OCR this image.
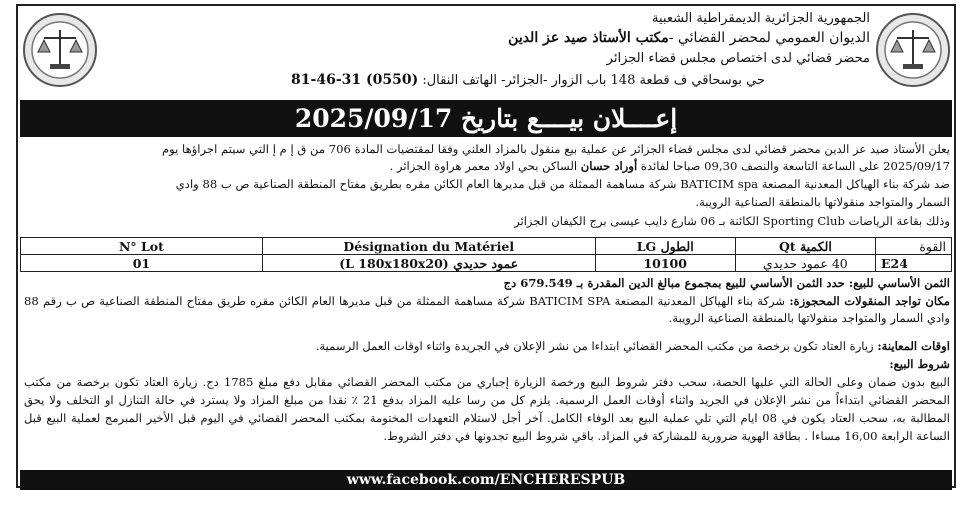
الجمهورية الجزائرية الديمقراطية الشعبية
الديوان العمومي لمحضر القضائي -مكتب الأستاذ صيد عز الدين
محضر قضائي لدى اختصاص مجلس قضاء الجزائر
حي بوسحاقي ف قطعة 148 باب الزوار -الجزائر- الهاتف النقال: 81-46-31 (0550)
إعــــلان بيــــع بتاريخ 2025/09/17
يعلن الأستاذ صيد عز الدين محضر قضائي لدى مجلس قضاء الجزائر عن عملية بيع منقول بالمزاد العلني وفقا لمقتضيات المادة 706 من ق إ م إ التي سيتم اجراؤها يوم
2025/09/17 على الساعة التاسعة والنصف 09,30 صباحا لفائدة أوراد حسان الساكن بحي اولاد معمر هراوة الجزائر .
ضد شركة بناء الهياكل المعدنية المصنعة BATICIM spa شركة مساهمة الممثلة من قبل مديرها العام الكائن مقره بطريق مفتاح المنطقة الصناعية ص ب 88 وادي
السمار والمتواجد منقولاتها بالمنطقة الصناعية الرويبة.
وذلك بقاعة الرياضات Sporting Club الكائنة بـ 06 شارع دايب عيسى برج الكيفان الجزائر
N° Lot	Désignation du Matériel	LG الطول	Qt الكمية	القوة
01	عمود حديدي (L 180x180x20)	10100	40 عمود حديدي	E24
الثمن الأساسي للبيع: حدد الثمن الأساسي للبيع بمجموع مبالغ الدين المقدرة بـ 679.549 دج
مكان تواجد المنقولات المحجوزة: شركة بناء الهياكل المعدنية المصنعة BATICIM SPA شركة مساهمة الممثلة من قبل مديرها العام الكائن مقره طريق مفتاح المنطقة الصناعية ص ب رقم 88 وادي السمار والمتواجد منقولاتها بالمنطقة الصناعية الرويبة.
اوقات المعاينة: زيارة العتاد تكون برخصة من مكتب المحضر القضائي ابتداءا من نشر الإعلان في الجريدة واثناء اوقات العمل الرسمية.
شروط البيع:
البيع بدون ضمان وعلى الحالة التي عليها الحصة، سحب دفتر شروط البيع ورخصة الزيارة إجباري من مكتب المحضر القضائي مقابل دفع مبلغ 1785 دج. زيارة العتاد تكون برخصة من مكتب المحضر القضائي ابتداءاً من نشر الإعلان في الجريد واثناء أوقات العمل الرسمية. يلزم كل من رسا عليه المزاد بدفع 21 ٪ نقدا من مبلغ المزاد ولا يسترد في حالة التنازل او التخلف ولا يحق المطالبة به، سحب العتاد يكون في 08 ايام التي تلي عملية البيع بعد الوفاء الكامل. آخر أجل لاستلام التعهدات المختومة بمكتب المحضر القضائي في اليوم قبل الأخير المبرمج لعملية البيع قبل الساعة الرابعة 16,00 مساءا . بطاقة الهوية ضرورية للمشاركة في المزاد. باقي شروط البيع تجدونها في دفتر الشروط.
www.facebook.com/ENCHERESPUB
